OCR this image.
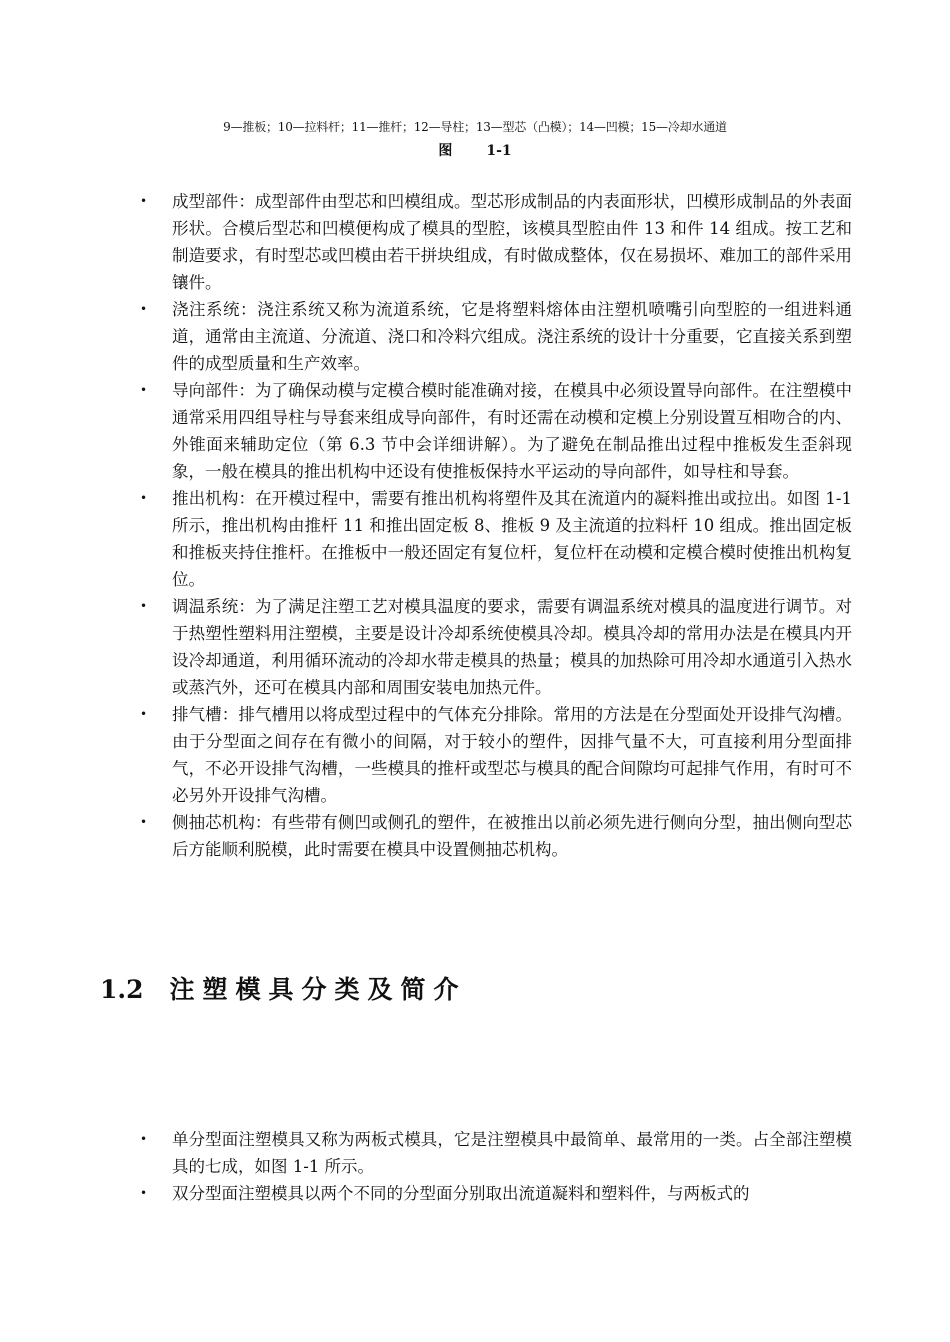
9—推板；10—拉料杆；11—推杆；12—导柱；13—型芯（凸模）；14—凹模；15—冷却水通道
图 1-1
• 成型部件：成型部件由型芯和凹模组成。型芯形成制品的内表面形状，凹模形成制品的外表面形状。合模后型芯和凹模便构成了模具的型腔，该模具型腔由件 13 和件 14 组成。按工艺和制造要求，有时型芯或凹模由若干拼块组成，有时做成整体，仅在易损坏、难加工的部件采用镶件。
• 浇注系统：浇注系统又称为流道系统，它是将塑料熔体由注塑机喷嘴引向型腔的一组进料通道，通常由主流道、分流道、浇口和冷料穴组成。浇注系统的设计十分重要，它直接关系到塑件的成型质量和生产效率。
• 导向部件：为了确保动模与定模合模时能准确对接，在模具中必须设置导向部件。在注塑模中通常采用四组导柱与导套来组成导向部件，有时还需在动模和定模上分别设置互相吻合的内、外锥面来辅助定位（第 6.3 节中会详细讲解）。为了避免在制品推出过程中推板发生歪斜现象，一般在模具的推出机构中还设有使推板保持水平运动的导向部件，如导柱和导套。
• 推出机构：在开模过程中，需要有推出机构将塑件及其在流道内的凝料推出或拉出。如图 1-1 所示，推出机构由推杆 11 和推出固定板 8、推板 9 及主流道的拉料杆 10 组成。推出固定板和推板夹持住推杆。在推板中一般还固定有复位杆，复位杆在动模和定模合模时使推出机构复位。
• 调温系统：为了满足注塑工艺对模具温度的要求，需要有调温系统对模具的温度进行调节。对于热塑性塑料用注塑模，主要是设计冷却系统使模具冷却。模具冷却的常用办法是在模具内开设冷却通道，利用循环流动的冷却水带走模具的热量；模具的加热除可用冷却水通道引入热水或蒸汽外，还可在模具内部和周围安装电加热元件。
• 排气槽：排气槽用以将成型过程中的气体充分排除。常用的方法是在分型面处开设排气沟槽。由于分型面之间存在有微小的间隔，对于较小的塑件，因排气量不大，可直接利用分型面排气，不必开设排气沟槽，一些模具的推杆或型芯与模具的配合间隙均可起排气作用，有时可不必另外开设排气沟槽。
• 侧抽芯机构：有些带有侧凹或侧孔的塑件，在被推出以前必须先进行侧向分型，抽出侧向型芯后方能顺利脱模，此时需要在模具中设置侧抽芯机构。
1.2 注塑模具分类及简介
• 单分型面注塑模具又称为两板式模具，它是注塑模具中最简单、最常用的一类。占全部注塑模具的七成，如图 1-1 所示。
• 双分型面注塑模具以两个不同的分型面分别取出流道凝料和塑料件，与两板式的
